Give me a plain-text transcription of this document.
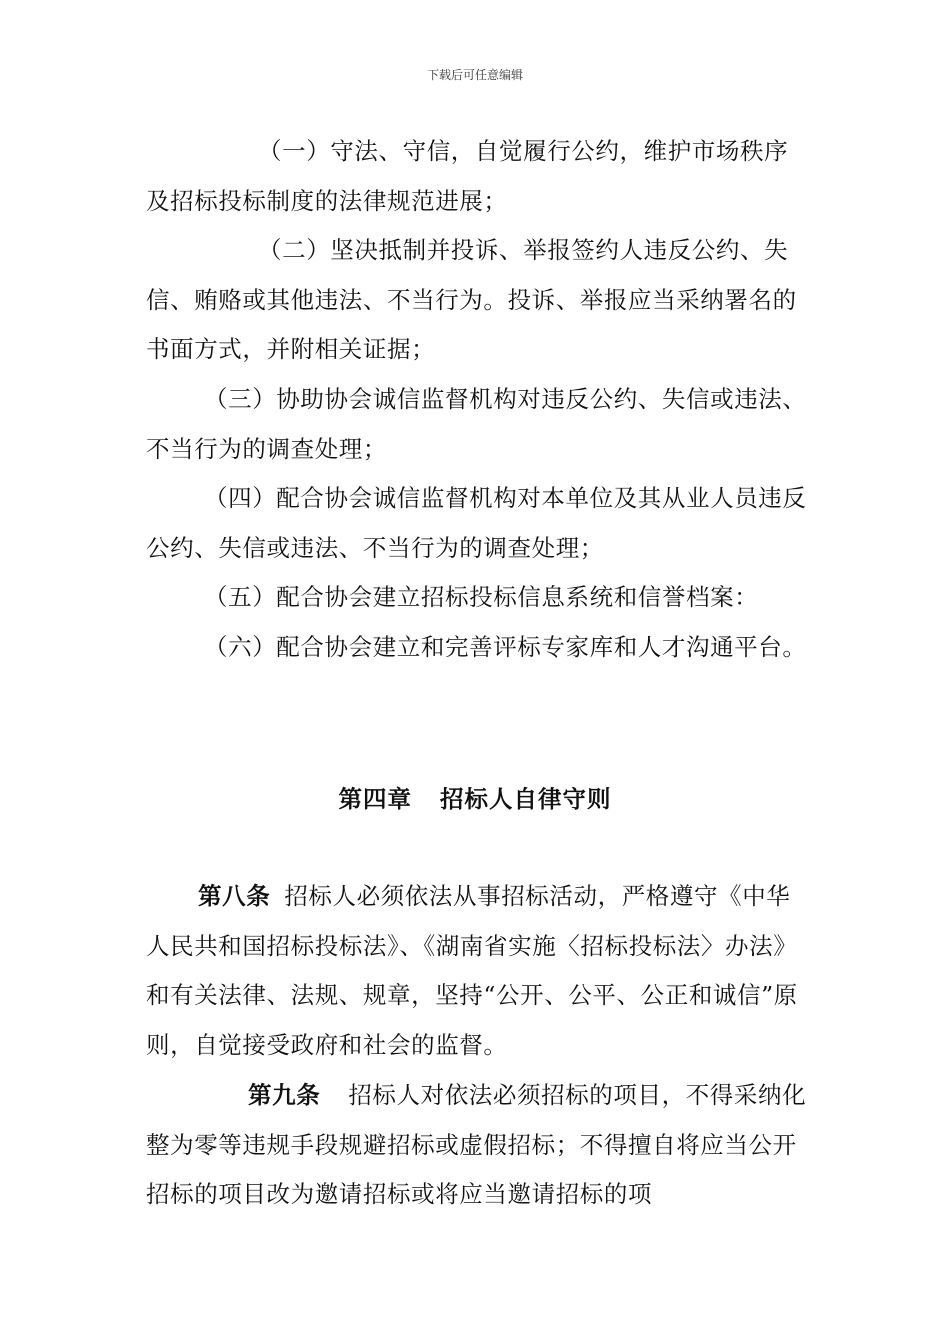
下载后可任意编辑

（一）守法、守信，自觉履行公约，维护市场秩序及招标投标制度的法律规范进展；

（二）坚决抵制并投诉、举报签约人违反公约、失信、贿赂或其他违法、不当行为。投诉、举报应当采纳署名的书面方式，并附相关证据；

（三）协助协会诚信监督机构对违反公约、失信或违法、不当行为的调查处理；

（四）配合协会诚信监督机构对本单位及其从业人员违反公约、失信或违法、不当行为的调查处理；

（五）配合协会建立招标投标信息系统和信誉档案：

（六）配合协会建立和完善评标专家库和人才沟通平台。

第四章 招标人自律守则

第八条 招标人必须依法从事招标活动，严格遵守《中华人民共和国招标投标法》、《湖南省实施〈招标投标法〉办法》和有关法律、法规、规章，坚持“公开、公平、公正和诚信”原则，自觉接受政府和社会的监督。

第九条 招标人对依法必须招标的项目，不得采纳化整为零等违规手段规避招标或虚假招标；不得擅自将应当公开招标的项目改为邀请招标或将应当邀请招标的项
